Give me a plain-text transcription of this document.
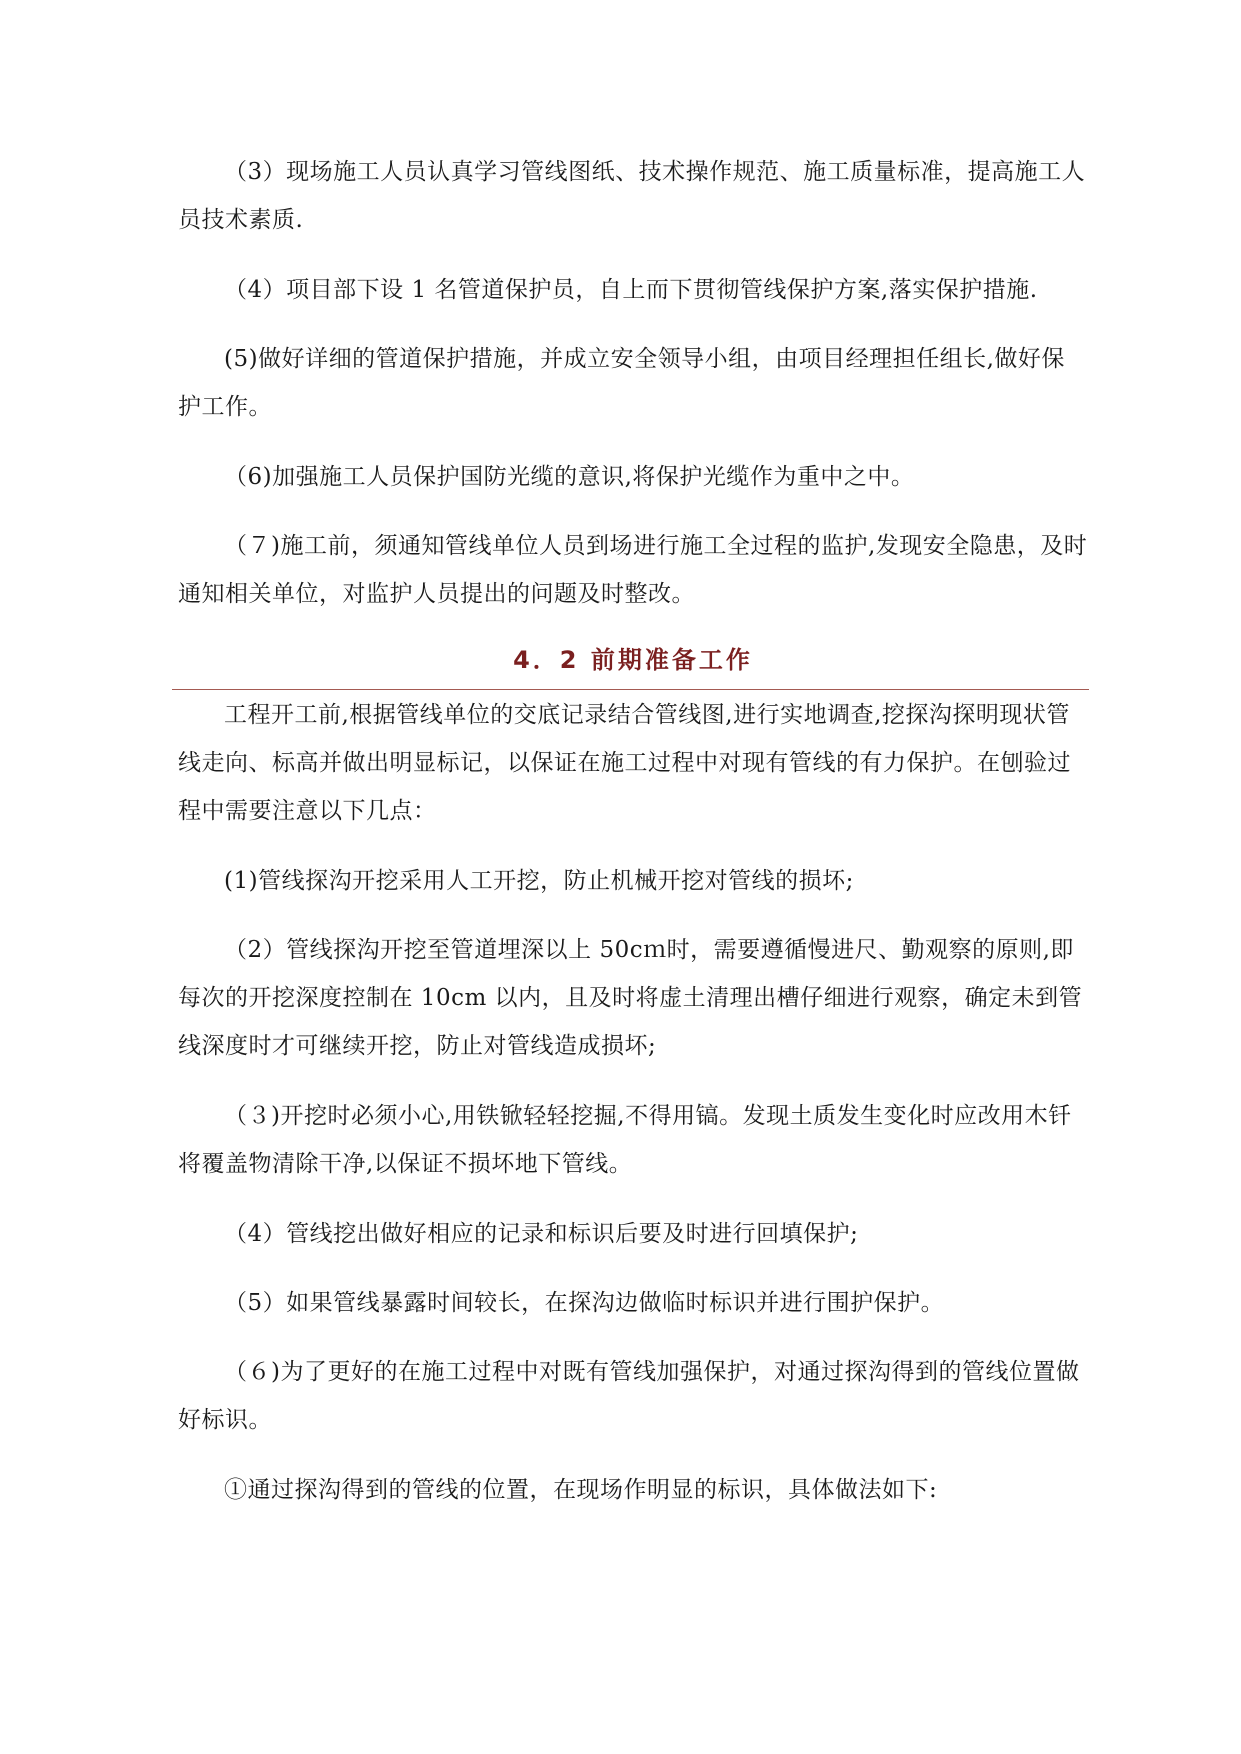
（3）现场施工人员认真学习管线图纸、技术操作规范、施工质量标准，提高施工人员技术素质.

（4）项目部下设 1 名管道保护员，自上而下贯彻管线保护方案,落实保护措施.

(5)做好详细的管道保护措施，并成立安全领导小组，由项目经理担任组长,做好保护工作。

（6)加强施工人员保护国防光缆的意识,将保护光缆作为重中之中。

（７)施工前，须通知管线单位人员到场进行施工全过程的监护,发现安全隐患，及时通知相关单位，对监护人员提出的问题及时整改。

4．2 前期准备工作

工程开工前,根据管线单位的交底记录结合管线图,进行实地调查,挖探沟探明现状管线走向、标高并做出明显标记，以保证在施工过程中对现有管线的有力保护。在刨验过程中需要注意以下几点：

(1)管线探沟开挖采用人工开挖，防止机械开挖对管线的损坏;

（2）管线探沟开挖至管道埋深以上 50cｍ时，需要遵循慢进尺、勤观察的原则,即每次的开挖深度控制在 10cm 以内，且及时将虚土清理出槽仔细进行观察，确定未到管线深度时才可继续开挖，防止对管线造成损坏;

（３)开挖时必须小心,用铁锨轻轻挖掘,不得用镐。发现土质发生变化时应改用木钎将覆盖物清除干净,以保证不损坏地下管线。

（4）管线挖出做好相应的记录和标识后要及时进行回填保护;

（5）如果管线暴露时间较长，在探沟边做临时标识并进行围护保护。

（６)为了更好的在施工过程中对既有管线加强保护，对通过探沟得到的管线位置做好标识。

①通过探沟得到的管线的位置，在现场作明显的标识，具体做法如下:
